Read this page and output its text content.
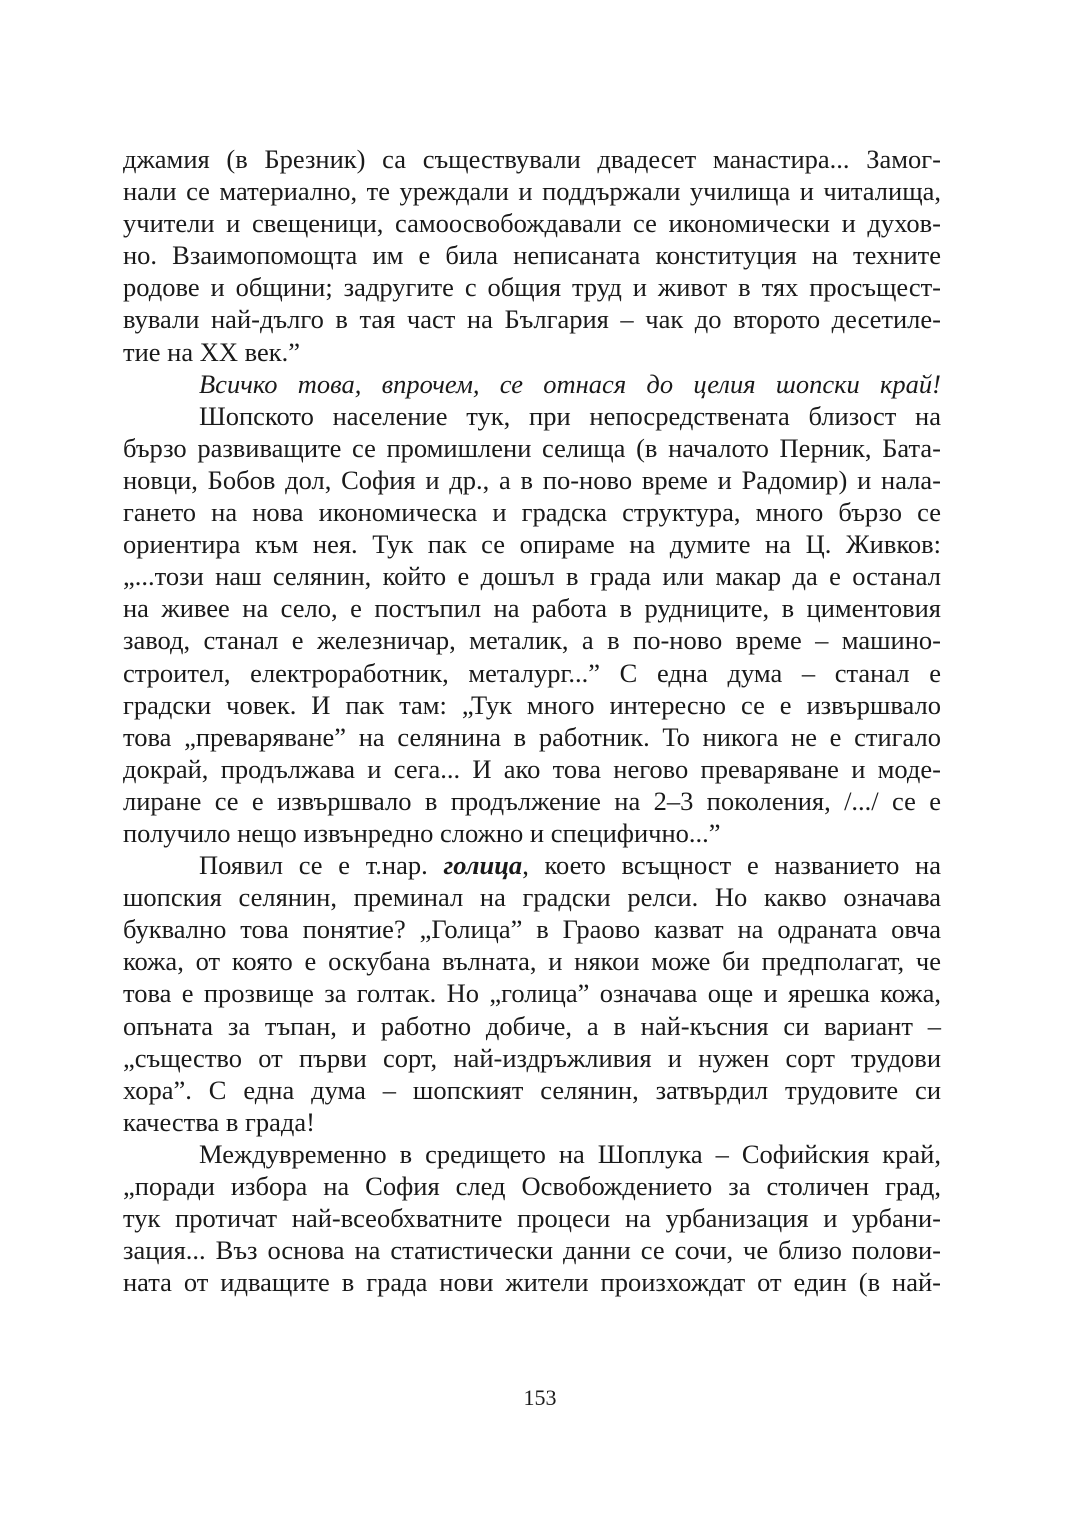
джамия (в Брезник) са съществували двадесет манастира... Замог-
нали се материално, те уреждали и поддържали училища и читалища,
учители и свещеници, самоосвобождавали се икономически и духов-
но. Взаимопомощта им е била неписаната конституция на техните
родове и общини; задругите с общия труд и живот в тях просъщест-
вували най-дълго в тая част на България – чак до второто десетиле-
тие на XX век.”
Всичко това, впрочем, се отнася до целия шопски край!
Шопското население тук, при непосредствената близост на
бързо развиващите се промишлени селища (в началото Перник, Бата-
новци, Бобов дол, София и др., а в по-ново време и Радомир) и нала-
гането на нова икономическа и градска структура, много бързо се
ориентира към нея. Тук пак се опираме на думите на Ц. Живков:
„...този наш селянин, който е дошъл в града или макар да е останал
на живее на село, е постъпил на работа в рудниците, в циментовия
завод, станал е железничар, металик, а в по-ново време – машино-
строител, електроработник, металург...” С една дума – станал е
градски човек. И пак там: „Тук много интересно се е извършвало
това „преваряване” на селянина в работник. То никога не е стигало
докрай, продължава и сега... И ако това негово преваряване и моде-
лиране се е извършвало в продължение на 2–3 поколения, /.../ се е
получило нещо извънредно сложно и специфично...”
Появил се е т.нар. голица, което всъщност е названието на
шопския селянин, преминал на градски релси. Но какво означава
буквално това понятие? „Голица” в Граово казват на одраната овча
кожа, от която е оскубана вълната, и някои може би предполагат, че
това е прозвище за голтак. Но „голица” означава още и ярешка кожа,
опъната за тъпан, и работно добиче, а в най-късния си вариант –
„същество от първи сорт, най-издръжливия и нужен сорт трудови
хора”. С една дума – шопският селянин, затвърдил трудовите си
качества в града!
Междувременно в средището на Шоплука – Софийския край,
„поради избора на София след Освобождението за столичен град,
тук протичат най-всеобхватните процеси на урбанизация и урбани-
зация... Въз основа на статистически данни се сочи, че близо полови-
ната от идващите в града нови жители произхождат от един (в най-
153
